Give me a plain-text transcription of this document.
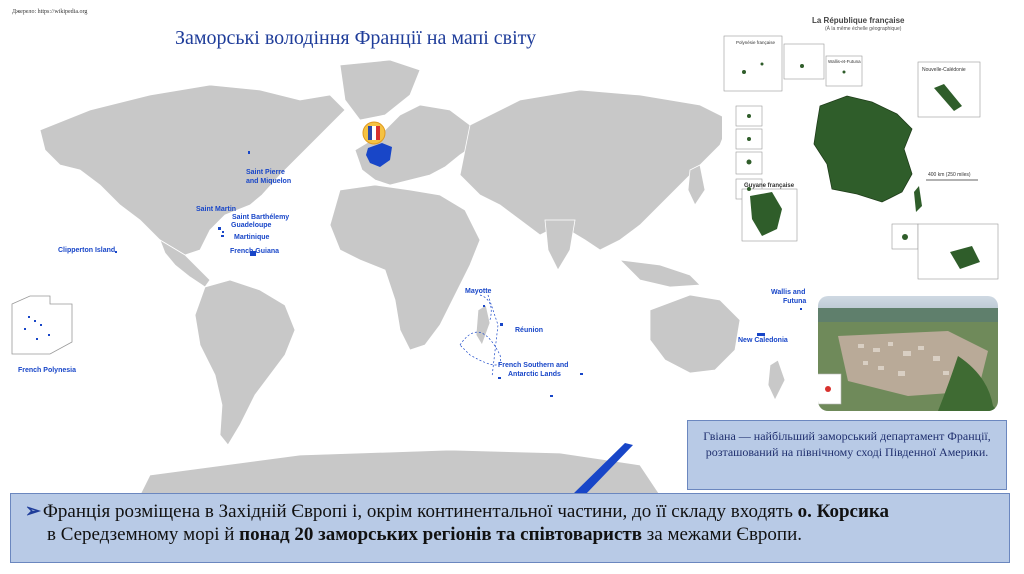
Джерело: https://wikipedia.org
Заморські володіння Франції на мапі світу
Saint Pierre
and Miquelon
Saint Martin
Saint Barthélemy
Guadeloupe
Martinique
French Guiana
Clipperton Island
French Polynesia
Mayotte
Réunion
French Southern and
Antarctic Lands
Wallis and
Futuna
New Caledonia
La République française
(À la même échelle géographique)
Guyane française
Nouvelle-Calédonie
Wallis-et-Futuna
Polynésie française
400 km (250 miles)
Гвіана — найбільший заморський департамент Франції, розташований на північному сході Південної Америки.
➢ Франція розміщена в Західній Європі і, окрім континентальної частини, до її складу входять о. Корсика
в Середземному морі й понад 20 заморських регіонів та співтовариств за межами Європи.
